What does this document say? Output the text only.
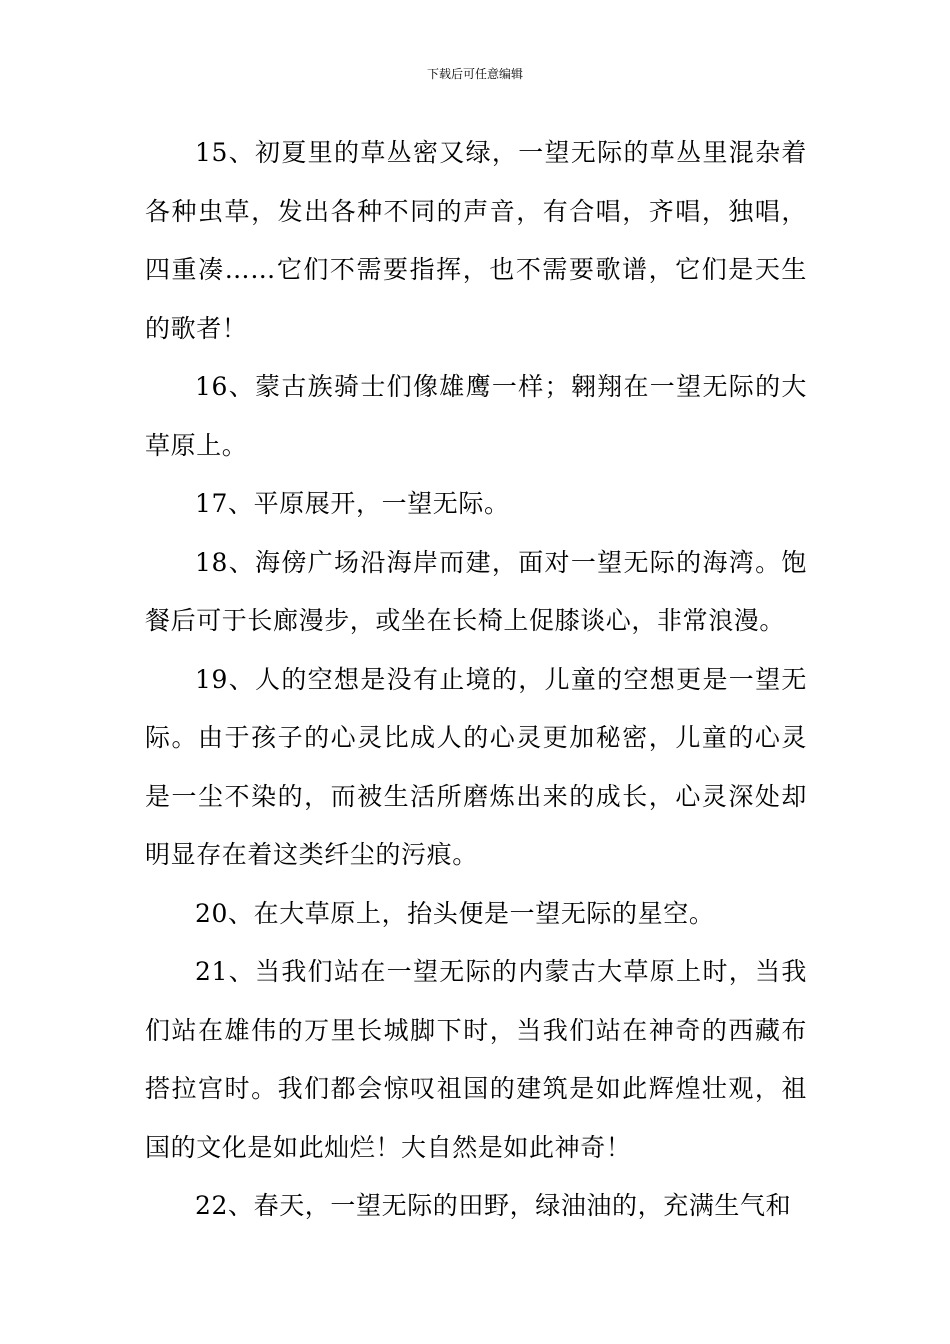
下载后可任意编辑

15、初夏里的草丛密又绿，一望无际的草丛里混杂着各种虫草，发出各种不同的声音，有合唱，齐唱，独唱，四重凑……它们不需要指挥，也不需要歌谱，它们是天生的歌者！

16、蒙古族骑士们像雄鹰一样；翱翔在一望无际的大草原上。

17、平原展开，一望无际。

18、海傍广场沿海岸而建，面对一望无际的海湾。饱餐后可于长廊漫步，或坐在长椅上促膝谈心，非常浪漫。

19、人的空想是没有止境的，儿童的空想更是一望无际。由于孩子的心灵比成人的心灵更加秘密，儿童的心灵是一尘不染的，而被生活所磨炼出来的成长，心灵深处却明显存在着这类纤尘的污痕。

20、在大草原上，抬头便是一望无际的星空。

21、当我们站在一望无际的内蒙古大草原上时，当我们站在雄伟的万里长城脚下时，当我们站在神奇的西藏布搭拉宫时。我们都会惊叹祖国的建筑是如此辉煌壮观，祖国的文化是如此灿烂！大自然是如此神奇！

22、春天，一望无际的田野，绿油油的，充满生气和
